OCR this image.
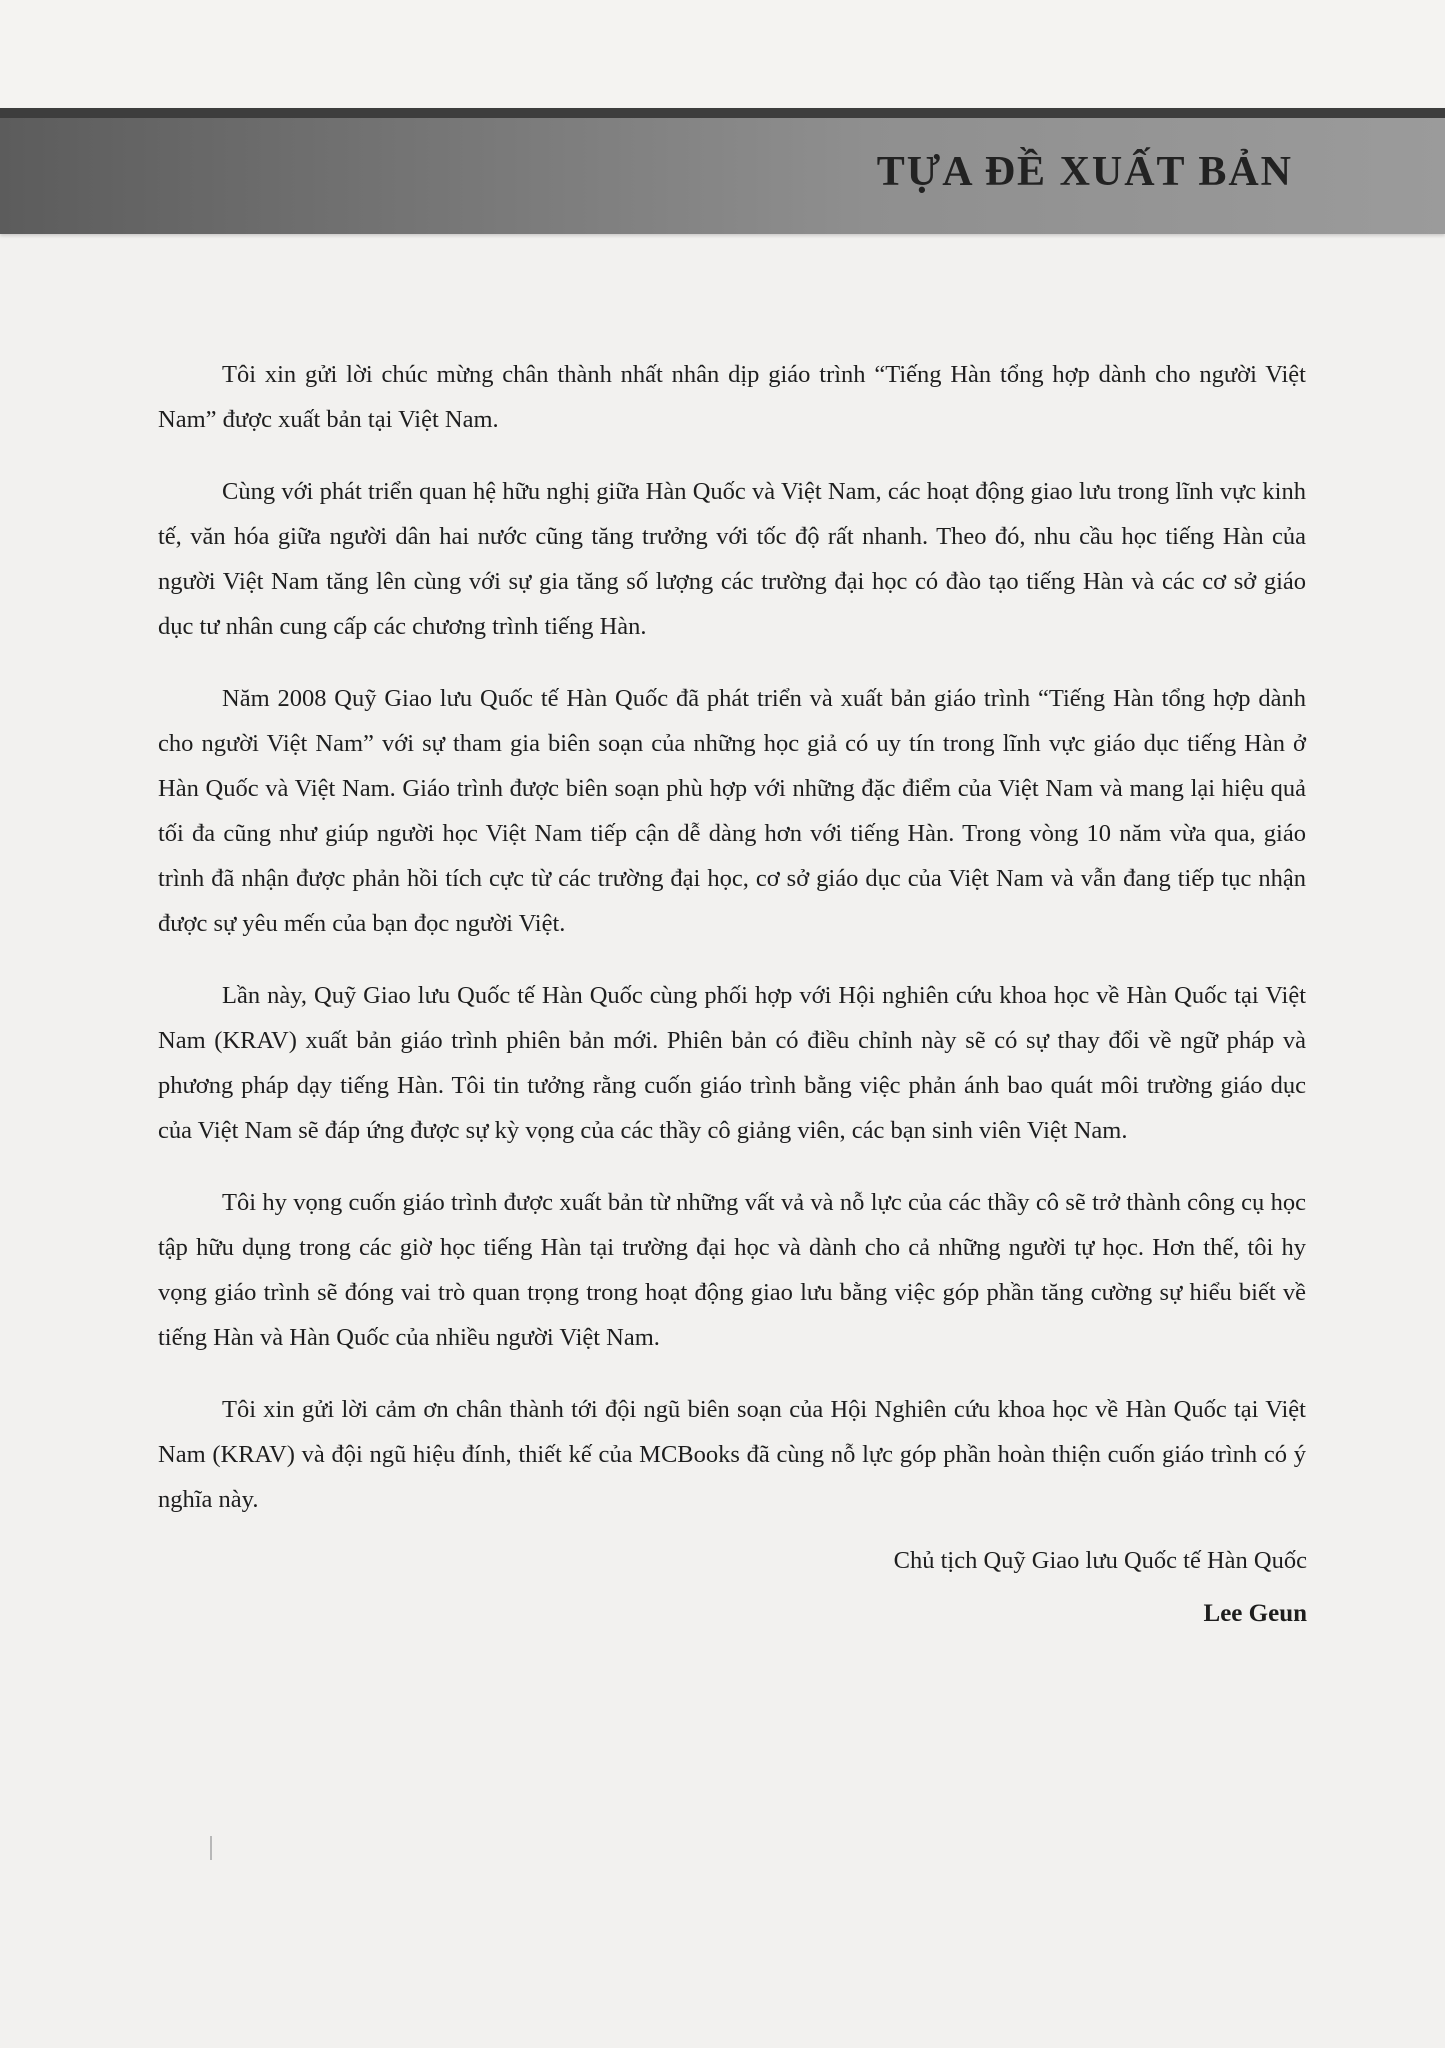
TỰA ĐỀ XUẤT BẢN

Tôi xin gửi lời chúc mừng chân thành nhất nhân dịp giáo trình “Tiếng Hàn tổng hợp dành cho người Việt Nam” được xuất bản tại Việt Nam.

Cùng với phát triển quan hệ hữu nghị giữa Hàn Quốc và Việt Nam, các hoạt động giao lưu trong lĩnh vực kinh tế, văn hóa giữa người dân hai nước cũng tăng trưởng với tốc độ rất nhanh. Theo đó, nhu cầu học tiếng Hàn của người Việt Nam tăng lên cùng với sự gia tăng số lượng các trường đại học có đào tạo tiếng Hàn và các cơ sở giáo dục tư nhân cung cấp các chương trình tiếng Hàn.

Năm 2008 Quỹ Giao lưu Quốc tế Hàn Quốc đã phát triển và xuất bản giáo trình “Tiếng Hàn tổng hợp dành cho người Việt Nam” với sự tham gia biên soạn của những học giả có uy tín trong lĩnh vực giáo dục tiếng Hàn ở Hàn Quốc và Việt Nam. Giáo trình được biên soạn phù hợp với những đặc điểm của Việt Nam và mang lại hiệu quả tối đa cũng như giúp người học Việt Nam tiếp cận dễ dàng hơn với tiếng Hàn. Trong vòng 10 năm vừa qua, giáo trình đã nhận được phản hồi tích cực từ các trường đại học, cơ sở giáo dục của Việt Nam và vẫn đang tiếp tục nhận được sự yêu mến của bạn đọc người Việt.

Lần này, Quỹ Giao lưu Quốc tế Hàn Quốc cùng phối hợp với Hội nghiên cứu khoa học về Hàn Quốc tại Việt Nam (KRAV) xuất bản giáo trình phiên bản mới. Phiên bản có điều chỉnh này sẽ có sự thay đổi về ngữ pháp và phương pháp dạy tiếng Hàn. Tôi tin tưởng rằng cuốn giáo trình bằng việc phản ánh bao quát môi trường giáo dục của Việt Nam sẽ đáp ứng được sự kỳ vọng của các thầy cô giảng viên, các bạn sinh viên Việt Nam.

Tôi hy vọng cuốn giáo trình được xuất bản từ những vất vả và nỗ lực của các thầy cô sẽ trở thành công cụ học tập hữu dụng trong các giờ học tiếng Hàn tại trường đại học và dành cho cả những người tự học. Hơn thế, tôi hy vọng giáo trình sẽ đóng vai trò quan trọng trong hoạt động giao lưu bằng việc góp phần tăng cường sự hiểu biết về tiếng Hàn và Hàn Quốc của nhiều người Việt Nam.

Tôi xin gửi lời cảm ơn chân thành tới đội ngũ biên soạn của Hội Nghiên cứu khoa học về Hàn Quốc tại Việt Nam (KRAV) và đội ngũ hiệu đính, thiết kế của MCBooks đã cùng nỗ lực góp phần hoàn thiện cuốn giáo trình có ý nghĩa này.

Chủ tịch Quỹ Giao lưu Quốc tế Hàn Quốc
Lee Geun
